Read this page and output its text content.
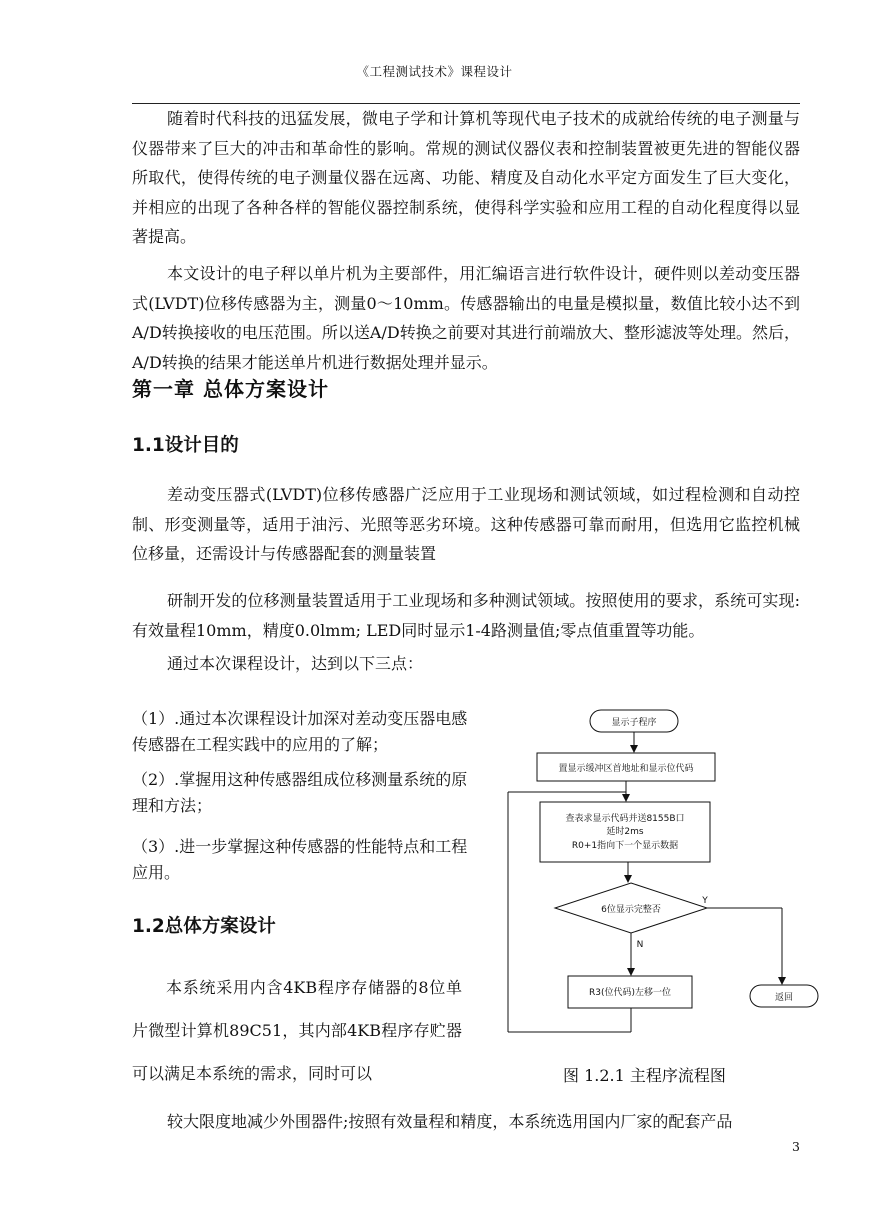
《工程测试技术》课程设计
随着时代科技的迅猛发展，微电子学和计算机等现代电子技术的成就给传统的电子测量与仪器带来了巨大的冲击和革命性的影响。常规的测试仪器仪表和控制装置被更先进的智能仪器所取代，使得传统的电子测量仪器在远离、功能、精度及自动化水平定方面发生了巨大变化，并相应的出现了各种各样的智能仪器控制系统，使得科学实验和应用工程的自动化程度得以显著提高。
本文设计的电子秤以单片机为主要部件，用汇编语言进行软件设计，硬件则以差动变压器式(LVDT)位移传感器为主，测量0～10mm。传感器输出的电量是模拟量，数值比较小达不到A/D转换接收的电压范围。所以送A/D转换之前要对其进行前端放大、整形滤波等处理。然后，A/D转换的结果才能送单片机进行数据处理并显示。
第一章 总体方案设计
1.1设计目的
差动变压器式(LVDT)位移传感器广泛应用于工业现场和测试领域，如过程检测和自动控制、形变测量等，适用于油污、光照等恶劣环境。这种传感器可靠而耐用，但选用它监控机械位移量，还需设计与传感器配套的测量装置
研制开发的位移测量装置适用于工业现场和多种测试领域。按照使用的要求，系统可实现:有效量程10mm，精度0.0lmm; LED同时显示1-4路测量值;零点值重置等功能。
通过本次课程设计，达到以下三点：
（1）.通过本次课程设计加深对差动变压器电感传感器在工程实践中的应用的了解；
（2）.掌握用这种传感器组成位移测量系统的原理和方法；
（3）.进一步掌握这种传感器的性能特点和工程应用。
1.2总体方案设计
本系统采用内含4KB程序存储器的8位单片微型计算机89C51，其内部4KB程序存贮器可以满足本系统的需求，同时可以
显示子程序
置显示缓冲区首地址和显示位代码
查表求显示代码并送8155B口
延时2ms
R0+1指向下一个显示数据
6位显示完整否
Y
N
R3(位代码)左移一位	返回
图 1.2.1 主程序流程图
较大限度地减少外围器件;按照有效量程和精度，本系统选用国内厂家的配套产品
3
